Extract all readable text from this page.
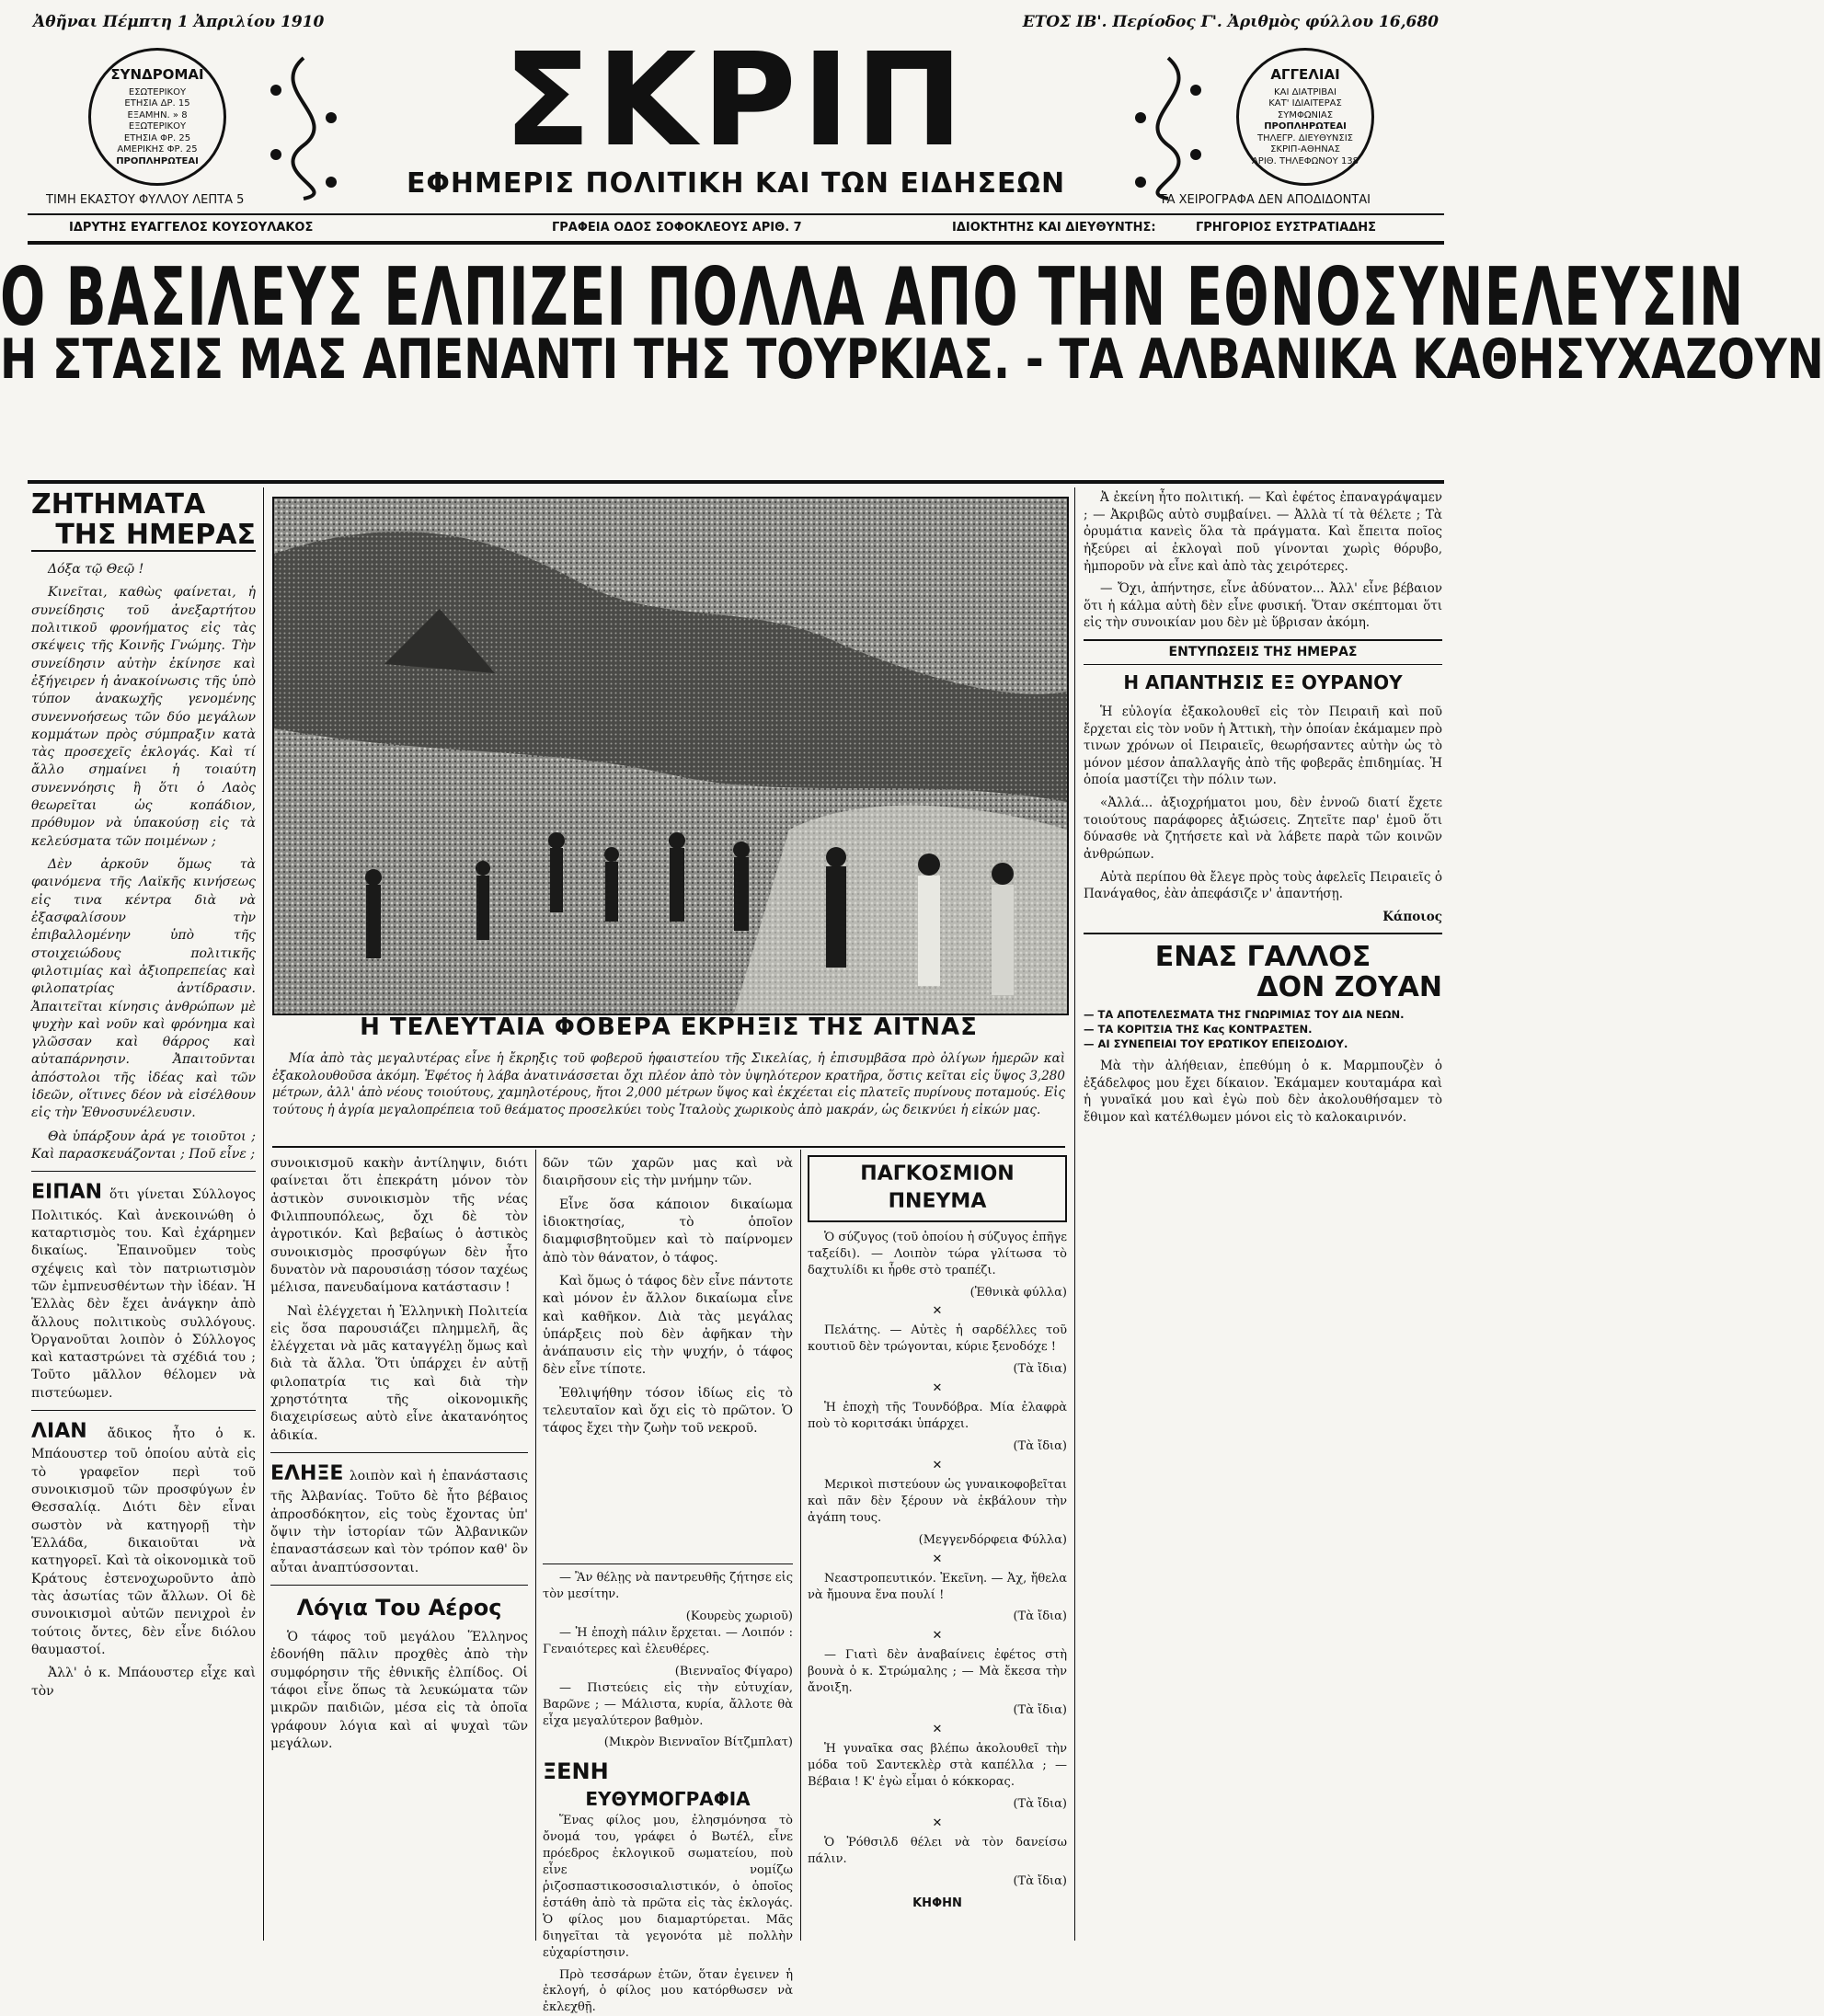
Ἀθῆναι Πέμπτη 1 Ἀπριλίου 1910	ΕΤΟΣ ΙΒ'. Περίοδος Γ'. Ἀριθμὸς φύλλου 16,680
ΣΥΝΔΡΟΜΑΙ
ΕΣΩΤΕΡΙΚΟΥ
ΕΤΗΣΙΑ ΔΡ. 15
ΕΞΑΜΗΝ. » 8
ΕΞΩΤΕΡΙΚΟΥ
ΕΤΗΣΙΑ ΦΡ. 25
ΑΜΕΡΙΚΗΣ ΦΡ. 25
ΠΡΟΠΛΗΡΩΤΕΑΙ
ΑΓΓΕΛΙΑΙ
ΚΑΙ ΔΙΑΤΡΙΒΑΙ
ΚΑΤ' ΙΔΙΑΙΤΕΡΑΣ
ΣΥΜΦΩΝΙΑΣ
ΠΡΟΠΛΗΡΩΤΕΑΙ
ΤΗΛΕΓΡ. ΔΙΕΥΘΥΝΣΙΣ
ΣΚΡΙΠ-ΑΘΗΝΑΣ
ΑΡΙΘ. ΤΗΛΕΦΩΝΟΥ 138
ΣΚΡΙΠ
ΤΙΜΗ ΕΚΑΣΤΟΥ ΦΥΛΛΟΥ ΛΕΠΤΑ 5
ΕΦΗΜΕΡΙΣ ΠΟΛΙΤΙΚΗ ΚΑΙ ΤΩΝ ΕΙΔΗΣΕΩΝ
ΤΑ ΧΕΙΡΟΓΡΑΦΑ ΔΕΝ ΑΠΟΔΙΔΟΝΤΑΙ
ΙΔΡΥΤΗΣ ΕΥΑΓΓΕΛΟΣ ΚΟΥΣΟΥΛΑΚΟΣ	ΓΡΑΦΕΙΑ ΟΔΟΣ ΣΟΦΟΚΛΕΟΥΣ ΑΡΙΘ. 7	ΙΔΙΟΚΤΗΤΗΣ ΚΑΙ ΔΙΕΥΘΥΝΤΗΣ:	ΓΡΗΓΟΡΙΟΣ ΕΥΣΤΡΑΤΙΑΔΗΣ
Ο ΒΑΣΙΛΕΥΣ ΕΛΠΙΖΕΙ ΠΟΛΛΑ ΑΠΟ ΤΗΝ ΕΘΝΟΣΥΝΕΛΕΥΣΙΝ
Η ΣΤΑΣΙΣ ΜΑΣ ΑΠΕΝΑΝΤΙ ΤΗΣ ΤΟΥΡΚΙΑΣ. - ΤΑ ΑΛΒΑΝΙΚΑ ΚΑΘΗΣΥΧΑΖΟΥΝ
ΖΗΤΗΜΑΤΑ
ΤΗΣ ΗΜΕΡΑΣ

Δόξα τῷ Θεῷ !

Κινεῖται, καθὼς φαίνεται, ἡ συνείδησις τοῦ ἀνεξαρτήτου πολιτικοῦ φρονήματος εἰς τὰς σκέψεις τῆς Κοινῆς Γνώμης. Τὴν συνείδησιν αὐτὴν ἐκίνησε καὶ ἐξήγειρεν ἡ ἀνακοίνωσις τῆς ὑπὸ τύπον ἀνακωχῆς γενομένης συνεννοήσεως τῶν δύο μεγάλων κομμάτων πρὸς σύμπραξιν κατὰ τὰς προσεχεῖς ἐκλογάς. Καὶ τί ἄλλο σημαίνει ἡ τοιαύτη συνεννόησις ἢ ὅτι ὁ Λαὸς θεωρεῖται ὡς κοπάδιον, πρόθυμον νὰ ὑπακούσῃ εἰς τὰ κελεύσματα τῶν ποιμένων ;

Δὲν ἀρκοῦν ὅμως τὰ φαινόμενα τῆς Λαϊκῆς κινήσεως εἰς τινα κέντρα διὰ νὰ ἐξασφαλίσουν τὴν ἐπιβαλλομένην ὑπὸ τῆς στοιχειώδους πολιτικῆς φιλοτιμίας καὶ ἀξιοπρεπείας καὶ φιλοπατρίας ἀντίδρασιν. Ἀπαιτεῖται κίνησις ἀνθρώπων μὲ ψυχὴν καὶ νοῦν καὶ φρόνημα καὶ γλῶσσαν καὶ θάρρος καὶ αὐταπάρνησιν. Ἀπαιτοῦνται ἀπόστολοι τῆς ἰδέας καὶ τῶν ἰδεῶν, οἵτινες δέον νὰ εἰσέλθουν εἰς τὴν Ἐθνοσυνέλευσιν.

Θὰ ὑπάρξουν ἀρά γε τοιοῦτοι ; Καὶ παρασκευάζονται ; Ποῦ εἶνε ;

ΕΙΠΑΝ ὅτι γίνεται Σύλλογος Πολιτικός. Καὶ ἀνεκοινώθη ὁ καταρτισμὸς του. Καὶ ἐχάρημεν δικαίως. Ἐπαινοῦμεν τοὺς σχέψεις καὶ τὸν πατριωτισμὸν τῶν ἐμπνευσθέντων τὴν ἰδέαν. Ἡ Ἑλλὰς δὲν ἔχει ἀνάγκην ἀπὸ ἄλλους πολιτικοὺς συλλόγους. Ὀργανοῦται λοιπὸν ὁ Σύλλογος καὶ καταστρώνει τὰ σχέδιά του ; Τοῦτο μᾶλλον θέλομεν νὰ πιστεύωμεν.

ΛΙΑΝ ἄδικος ἦτο ὁ κ. Μπάουστερ τοῦ ὁποίου αὐτὰ εἰς τὸ γραφεῖον περὶ τοῦ συνοικισμοῦ τῶν προσφύγων ἐν Θεσσαλίᾳ. Διότι δὲν εἶναι σωστὸν νὰ κατηγορῇ τὴν Ἑλλάδα, δικαιοῦται νὰ κατηγορεῖ. Καὶ τὰ οἰκονομικὰ τοῦ Κράτους ἐστενοχωροῦντο ἀπὸ τὰς ἀσωτίας τῶν ἄλλων. Οἱ δὲ συνοικισμοὶ αὐτῶν πενιχροὶ ἐν τούτοις ὄντες, δὲν εἶνε διόλου θαυμαστοί.

Ἀλλ' ὁ κ. Μπάουστερ εἶχε καὶ τὸν

Η ΤΕΛΕΥΤΑΙΑ ΦΟΒΕΡΑ ΕΚΡΗΞΙΣ ΤΗΣ ΑΙΤΝΑΣ

Μία ἀπὸ τὰς μεγαλυτέρας εἶνε ἡ ἔκρηξις τοῦ φοβεροῦ ἡφαιστείου τῆς Σικελίας, ἡ ἐπισυμβᾶσα πρὸ ὀλίγων ἡμερῶν καὶ ἐξακολουθοῦσα ἀκόμη. Ἐφέτος ἡ λάβα ἀνατινάσσεται ὄχι πλέον ἀπὸ τὸν ὑψηλότερον κρατῆρα, ὅστις κεῖται εἰς ὕψος 3,280 μέτρων, ἀλλ' ἀπὸ νέους τοιούτους, χαμηλοτέρους, ἤτοι 2,000 μέτρων ὕψος καὶ ἐκχέεται εἰς πλατεῖς πυρίνους ποταμούς. Εἰς τούτους ἡ ἀγρία μεγαλοπρέπεια τοῦ θεάματος προσελκύει τοὺς Ἰταλοὺς χωρικοὺς ἀπὸ μακράν, ὡς δεικνύει ἡ εἰκών μας.

συνοικισμοῦ κακὴν ἀντίληψιν, διότι φαίνεται ὅτι ἐπεκράτη μόνον τὸν ἀστικὸν συνοικισμὸν τῆς νέας Φιλιππουπόλεως, ὄχι δὲ τὸν ἀγροτικόν. Καὶ βεβαίως ὁ ἀστικὸς συνοικισμὸς προσφύγων δὲν ἦτο δυνατὸν νὰ παρουσιάσῃ τόσον ταχέως μέλισα, πανευδαίμονα κατάστασιν !

Ναὶ ἐλέγχεται ἡ Ἑλληνικὴ Πολιτεία εἰς ὅσα παρουσιάζει πλημμελῆ, ἂς ἐλέγχεται νὰ μᾶς καταγγέλῃ ὅμως καὶ διὰ τὰ ἄλλα. Ὅτι ὑπάρχει ἐν αὐτῇ φιλοπατρία τις καὶ διὰ τὴν χρηστότητα τῆς οἰκονομικῆς διαχειρίσεως αὐτὸ εἶνε ἀκατανόητος ἀδικία.

ΕΛΗΞΕ λοιπὸν καὶ ἡ ἐπανάστασις τῆς Ἀλβανίας. Τοῦτο δὲ ἦτο βέβαιος ἀπροσδόκητον, εἰς τοὺς ἔχοντας ὑπ' ὄψιν τὴν ἱστορίαν τῶν Ἀλβανικῶν ἐπαναστάσεων καὶ τὸν τρόπον καθ' ὃν αὗται ἀναπτύσσονται.

Λόγια Του Αέρος

Ὁ τάφος τοῦ μεγάλου Ἕλληνος ἐδονήθη πᾶλιν προχθὲς ἀπὸ τὴν συμφόρησιν τῆς ἐθνικῆς ἐλπίδος. Οἱ τάφοι εἶνε ὅπως τὰ λευκώματα τῶν μικρῶν παιδιῶν, μέσα εἰς τὰ ὁποῖα γράφουν λόγια καὶ αἱ ψυχαὶ τῶν μεγάλων.

δῶν τῶν χαρῶν μας καὶ νὰ διαιρῆσουν εἰς τὴν μνήμην τῶν.

Εἶνε ὅσα κάποιον δικαίωμα ἰδιοκτησίας, τὸ ὁποῖον διαμφισβητοῦμεν καὶ τὸ παίρνομεν ἀπὸ τὸν θάνατον, ὁ τάφος.

Καὶ ὅμως ὁ τάφος δὲν εἶνε πάντοτε καὶ μόνον ἐν ἄλλον δικαίωμα εἶνε καὶ καθῆκον. Διὰ τὰς μεγάλας ὑπάρξεις ποὺ δὲν ἀφῆκαν τὴν ἀνάπαυσιν εἰς τὴν ψυχήν, ὁ τάφος δὲν εἶνε τίποτε.

Ἐθλιψήθην τόσον ἰδίως εἰς τὸ τελευταῖον καὶ ὄχι εἰς τὸ πρῶτον. Ὁ τάφος ἔχει τὴν ζωὴν τοῦ νεκροῦ.

ΠΑΓΚΟΣΜΙΟΝ ΠΝΕΥΜΑ

Ὁ σύζυγος (τοῦ ὁποίου ἡ σύζυγος ἐπῆγε ταξείδι). — Λοιπὸν τώρα γλίτωσα τὸ δαχτυλίδι κι ἦρθε στὸ τραπέζι.

(Ἐθνικὰ φύλλα)
✕

Πελάτης. — Αὐτὲς ἡ σαρδέλλες τοῦ κουτιοῦ δὲν τρώγονται, κύριε ξενοδόχε !

(Τὰ ἴδια)
✕

Ἡ ἐποχὴ τῆς Τουνδόβρα. Μία ἐλαφρὰ ποὺ τὸ κοριτσάκι ὑπάρχει.

(Τὰ ἴδια)
✕

Μερικοὶ πιστεύουν ὡς γυναικοφοβεῖται καὶ πᾶν δὲν ξέρουν νὰ ἐκβάλουν τὴν ἀγάπη τους.

(Μεγγενδόρφεια Φύλλα)
✕

Νεαστροπευτικόν. Ἐκεῖνη. — Ἀχ, ἤθελα νὰ ἤμουνα ἕνα πουλί !

(Τὰ ἴδια)
✕

— Γιατὶ δὲν ἀναβαίνεις ἐφέτος στὴ βουνὰ ὁ κ. Στρώμαλης ; — Μὰ ἔκεσα τὴν ἄνοιξη.

(Τὰ ἴδια)
✕

Ἡ γυναῖκα σας βλέπω ἀκολουθεῖ τὴν μόδα τοῦ Σαντεκλὲρ στὰ καπέλλα ; — Βέβαια ! Κ' ἐγὼ εἶμαι ὁ κόκκορας.

(Τὰ ἴδια)
✕

Ὁ Ῥόθσιλδ θέλει νὰ τὸν δανείσω πάλιν.

(Τὰ ἴδια)
ΚΗΦΗΝ

Ἀ ἐκείνη ἦτο πολιτική. — Καὶ ἐφέτος ἐπαναγράψαμεν ; — Ἀκριβῶς αὐτὸ συμβαίνει. — Ἀλλὰ τί τὰ θέλετε ; Τὰ ὀρυμάτια κανεὶς ὅλα τὰ πράγματα. Καὶ ἔπειτα ποῖος ἠξεύρει αἱ ἐκλογαὶ ποῦ γίνονται χωρὶς θόρυβο, ἠμποροῦν νὰ εἶνε καὶ ἀπὸ τὰς χειρότερες.

— Ὄχι, ἀπήντησε, εἶνε ἀδύνατον... Ἀλλ' εἶνε βέβαιον ὅτι ἡ κάλμα αὐτὴ δὲν εἶνε φυσική. Ὅταν σκέπτομαι ὅτι εἰς τὴν συνοικίαν μου δὲν μὲ ὕβρισαν ἀκόμη.

ΕΝΤΥΠΩΣΕΙΣ ΤΗΣ ΗΜΕΡΑΣ
Η ΑΠΑΝΤΗΣΙΣ ΕΞ ΟΥΡΑΝΟΥ

Ἡ εὐλογία ἐξακολουθεῖ εἰς τὸν Πειραιῆ καὶ ποῦ ἔρχεται εἰς τὸν νοῦν ἡ Ἀττικὴ, τὴν ὁποίαν ἐκάμαμεν πρὸ τινων χρόνων οἱ Πειραιεῖς, θεωρήσαντες αὐτὴν ὡς τὸ μόνον μέσον ἀπαλλαγῆς ἀπὸ τῆς φοβερᾶς ἐπιδημίας. Ἡ ὁποία μαστίζει τὴν πόλιν των.

«Ἀλλά... ἀξιοχρήματοι μου, δὲν ἐννοῶ διατί ἔχετε τοιούτους παράφορες ἀξιώσεις. Ζητεῖτε παρ' ἐμοῦ ὅτι δύνασθε νὰ ζητήσετε καὶ νὰ λάβετε παρὰ τῶν κοινῶν ἀνθρώπων.

Αὐτὰ περίπου θὰ ἔλεγε πρὸς τοὺς ἀφελεῖς Πειραιεῖς ὁ Πανάγαθος, ἐὰν ἀπεφάσιζε ν' ἀπαντήσῃ.

Κάποιος
ΕΝΑΣ ΓΑΛΛΟΣ
ΔΟΝ ΖΟΥΑΝ
— ΤΑ ΑΠΟΤΕΛΕΣΜΑΤΑ ΤΗΣ ΓΝΩΡΙΜΙΑΣ ΤΟΥ ΔΙΑ ΝΕΩΝ.
— ΤΑ ΚΟΡΙΤΣΙΑ ΤΗΣ Κας ΚΟΝΤΡΑΣΤΕΝ.
— ΑΙ ΣΥΝΕΠΕΙΑΙ ΤΟΥ ΕΡΩΤΙΚΟΥ ΕΠΕΙΣΟΔΙΟΥ.

Μὰ τὴν ἀλήθειαν, ἐπεθύμη ὁ κ. Μαρμπουζὲν ὁ ἐξάδελφος μου ἔχει δίκαιον. Ἐκάμαμεν κουταμάρα καὶ ἡ γυναῖκά μου καὶ ἐγὼ ποὺ δὲν ἀκολουθήσαμεν τὸ ἔθιμον καὶ κατέλθωμεν μόνοι εἰς τὸ καλοκαιρινόν.

— Ἂν θέλῃς νὰ παντρευθῆς ζήτησε εἰς τὸν μεσίτην.

(Κουρεὺς χωριοῦ)

— Ἡ ἐποχὴ πάλιν ἔρχεται. — Λοιπόν : Γεναιότερες καὶ ἐλευθέρες.

(Βιενναῖος Φίγαρο)

— Πιστεύεις εἰς τὴν εὐτυχίαν, Βαρῶνε ; — Μάλιστα, κυρία, ἄλλοτε θὰ εἶχα μεγαλύτερον βαθμὸν.

(Μικρὸν Βιενναῖον Βίτζμπλατ)
ΞΕΝΗ
ΕΥΘΥΜΟΓΡΑΦΙΑ

Ἕνας φίλος μου, ἐλησμόνησα τὸ ὄνομά του, γράφει ὁ Βωτέλ, εἶνε πρόεδρος ἐκλογικοῦ σωματείου, ποὺ εἶνε νομίζω ῥιζοσπαστικοσοσιαλιστικόν, ὁ ὁποῖος ἐστάθη ἀπὸ τὰ πρῶτα εἰς τὰς ἐκλογάς. Ὁ φίλος μου διαμαρτύρεται. Μᾶς διηγεῖται τὰ γεγονότα μὲ πολλὴν εὐχαρίστησιν.

Πρὸ τεσσάρων ἐτῶν, ὅταν ἐγεινεν ἡ ἐκλογή, ὁ φίλος μου κατόρθωσεν νὰ ἐκλεχθῇ.
